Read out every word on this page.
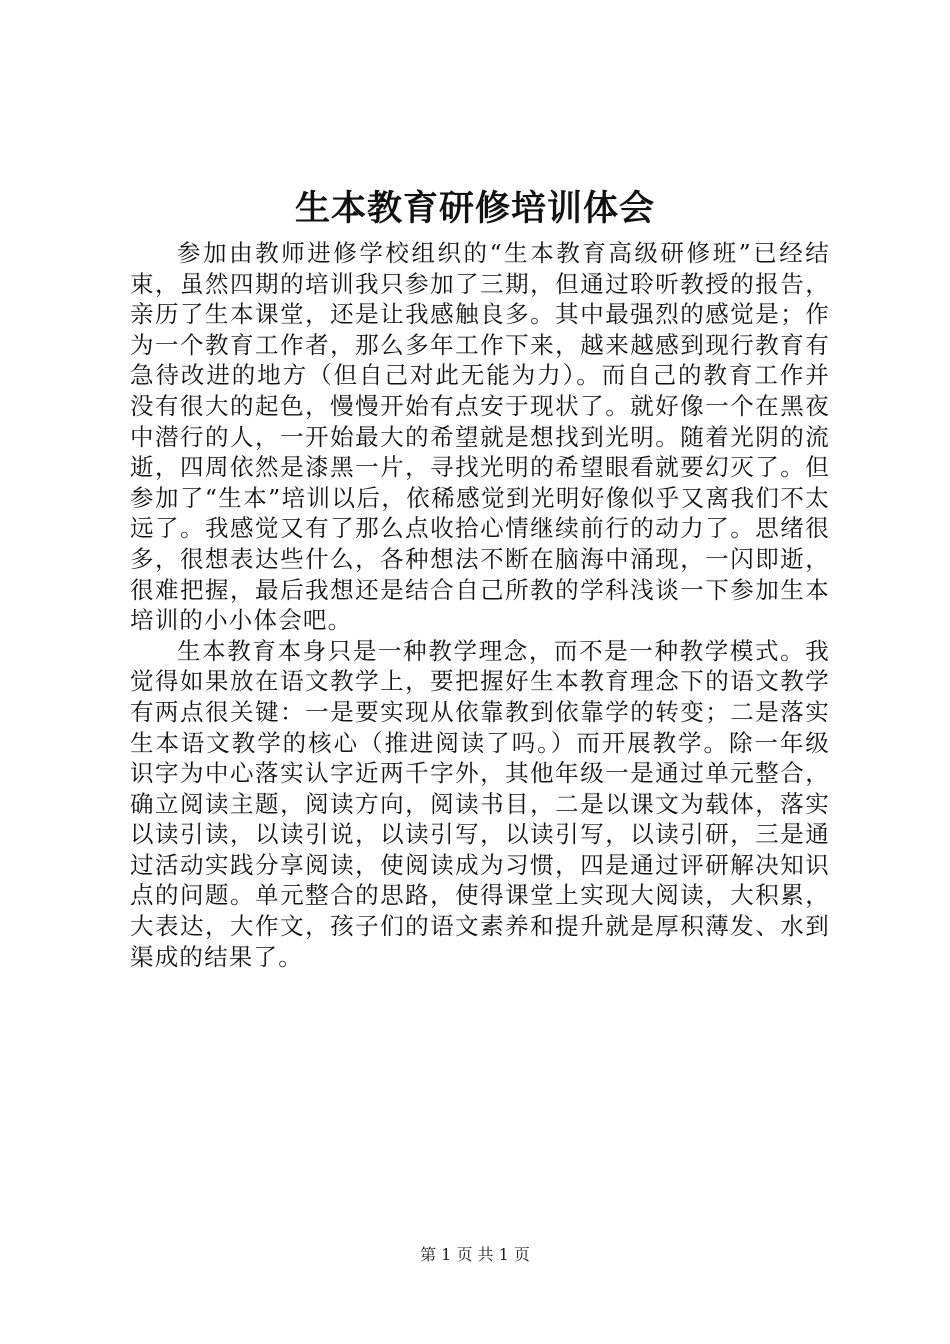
生本教育研修培训体会

参加由教师进修学校组织的“生本教育高级研修班”已经结束，虽然四期的培训我只参加了三期，但通过聆听教授的报告，亲历了生本课堂，还是让我感触良多。其中最强烈的感觉是；作为一个教育工作者，那么多年工作下来，越来越感到现行教育有急待改进的地方（但自己对此无能为力）。而自己的教育工作并没有很大的起色，慢慢开始有点安于现状了。就好像一个在黑夜中潜行的人，一开始最大的希望就是想找到光明。随着光阴的流逝，四周依然是漆黑一片，寻找光明的希望眼看就要幻灭了。但参加了“生本”培训以后，依稀感觉到光明好像似乎又离我们不太远了。我感觉又有了那么点收拾心情继续前行的动力了。思绪很多，很想表达些什么，各种想法不断在脑海中涌现，一闪即逝，很难把握，最后我想还是结合自己所教的学科浅谈一下参加生本培训的小小体会吧。

生本教育本身只是一种教学理念，而不是一种教学模式。我觉得如果放在语文教学上，要把握好生本教育理念下的语文教学有两点很关键：一是要实现从依靠教到依靠学的转变；二是落实生本语文教学的核心（推进阅读了吗。）而开展教学。除一年级识字为中心落实认字近两千字外，其他年级一是通过单元整合，确立阅读主题，阅读方向，阅读书目，二是以课文为载体，落实以读引读，以读引说，以读引写，以读引写，以读引研，三是通过活动实践分享阅读，使阅读成为习惯，四是通过评研解决知识点的问题。单元整合的思路，使得课堂上实现大阅读，大积累，大表达，大作文，孩子们的语文素养和提升就是厚积薄发、水到渠成的结果了。

第 1 页 共 1 页
